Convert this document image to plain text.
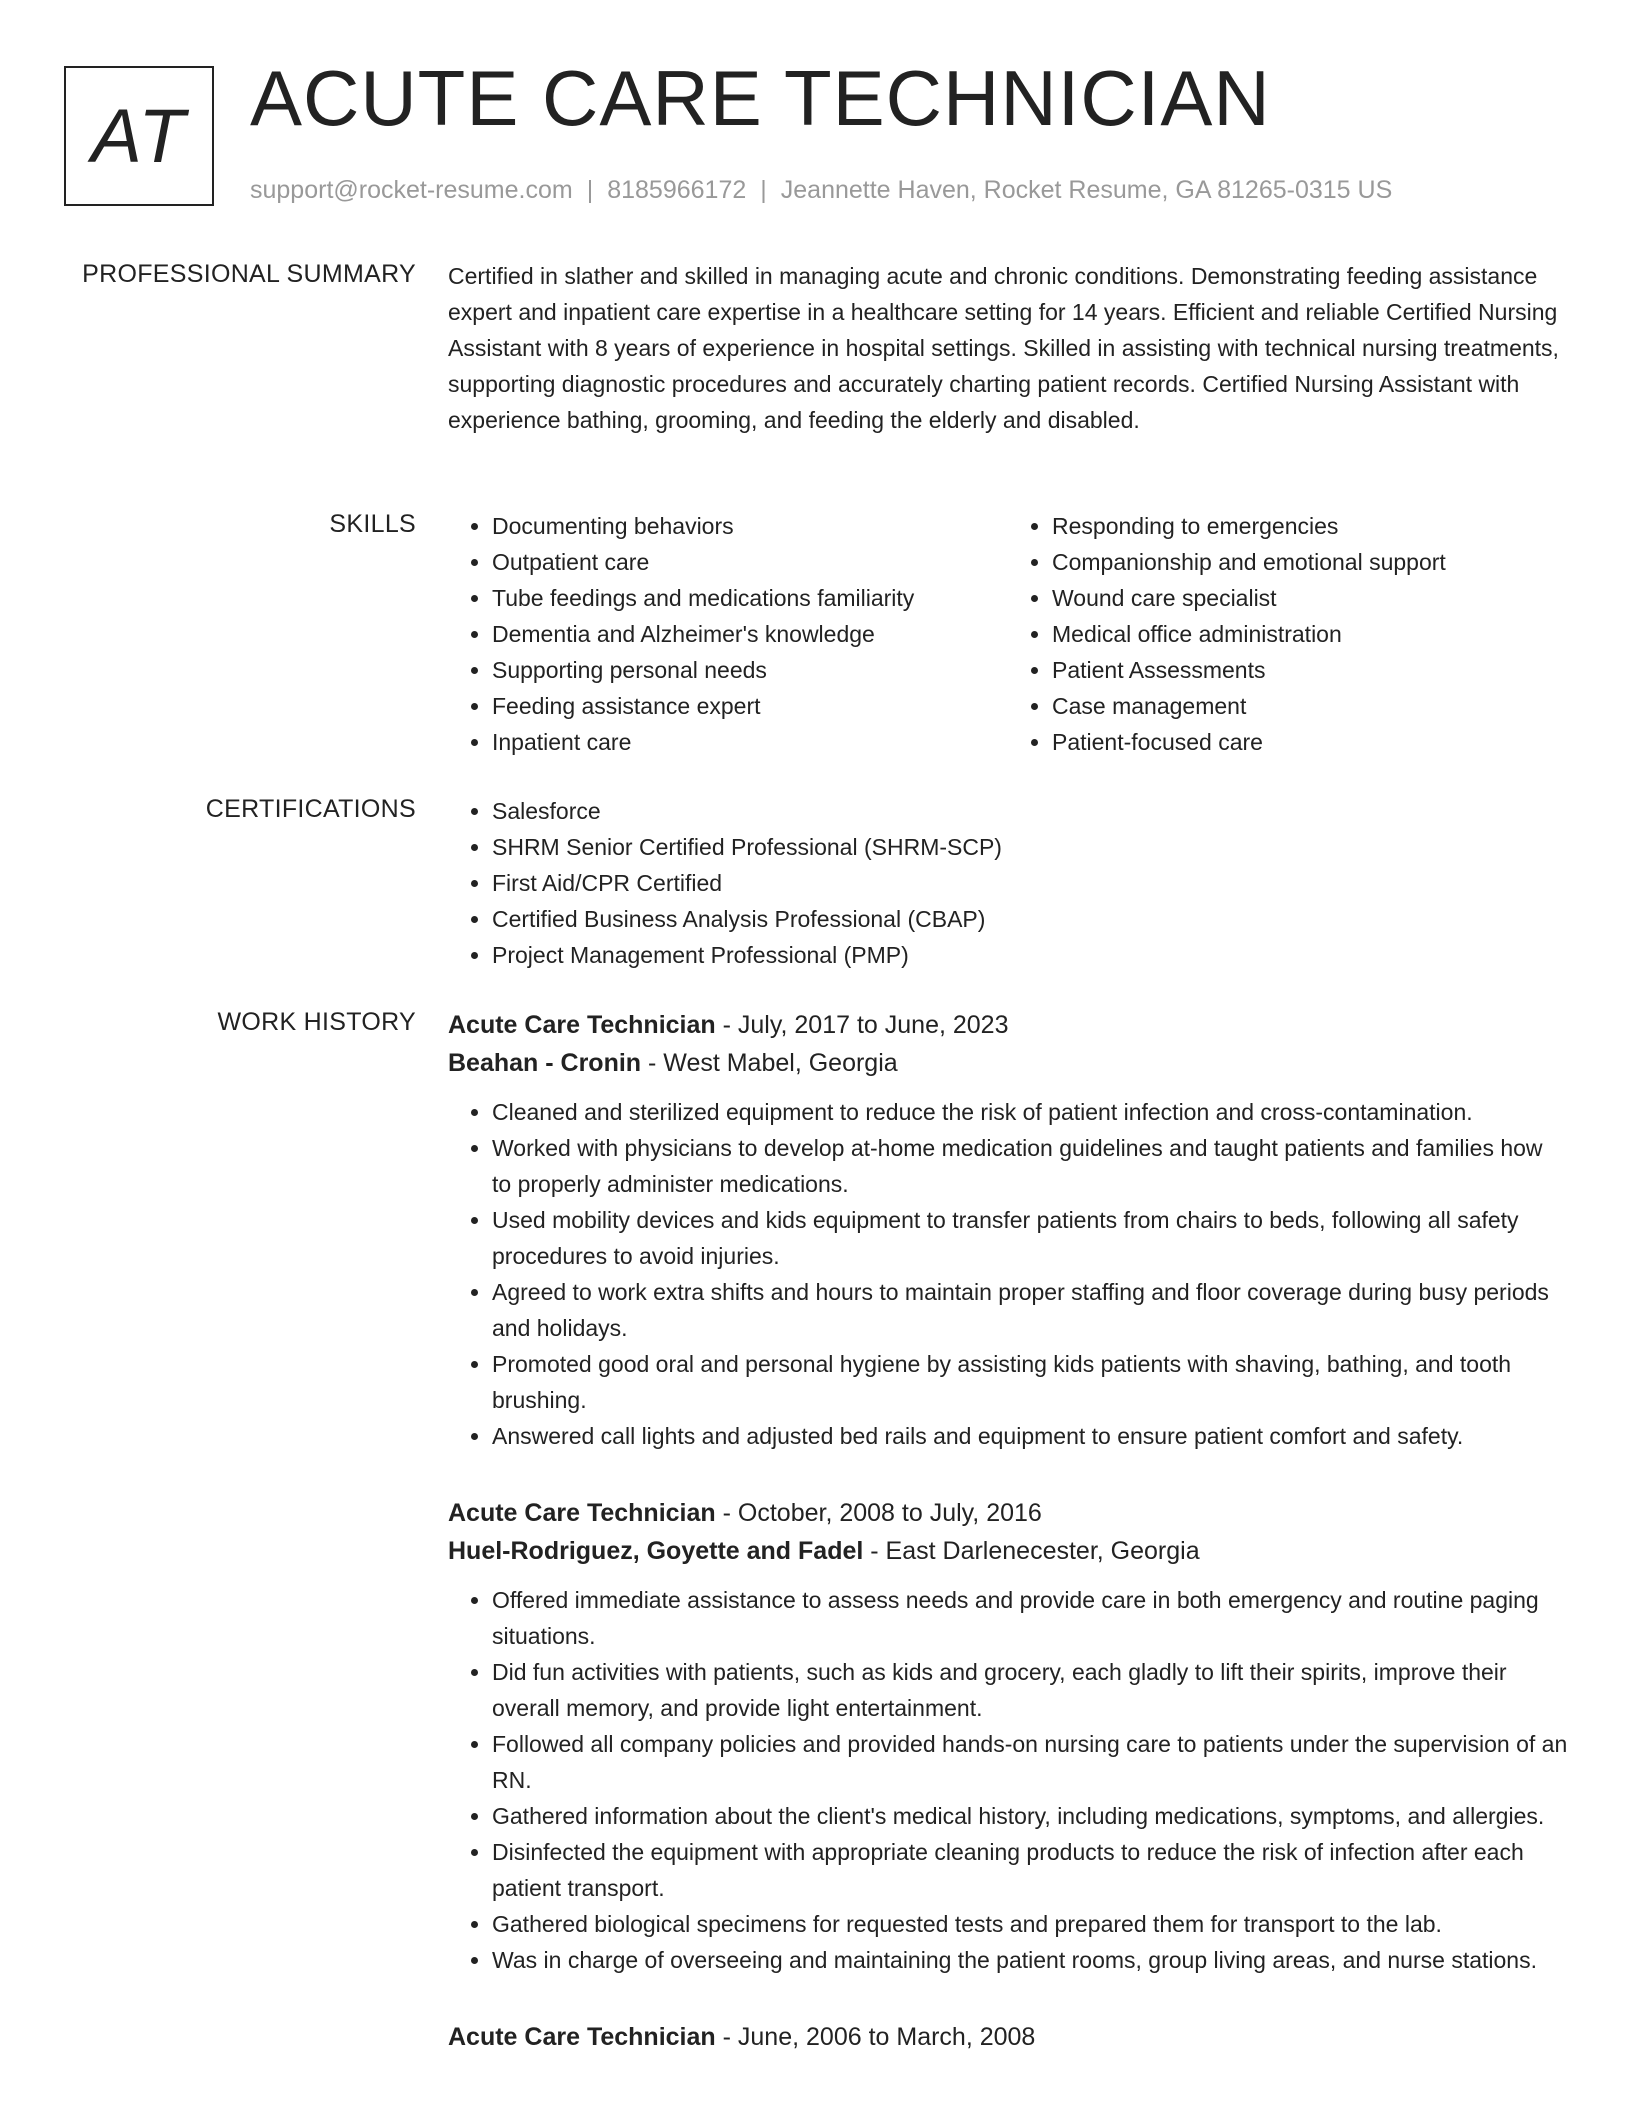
AT ACUTE CARE TECHNICIAN
support@rocket-resume.com | 8185966172 | Jeannette Haven, Rocket Resume, GA 81265-0315 US
PROFESSIONAL SUMMARY Certified in slather and skilled in managing acute and chronic conditions. Demonstrating feeding assistance expert and inpatient care expertise in a healthcare setting for 14 years. Efficient and reliable Certified Nursing Assistant with 8 years of experience in hospital settings. Skilled in assisting with technical nursing treatments, supporting diagnostic procedures and accurately charting patient records. Certified Nursing Assistant with experience bathing, grooming, and feeding the elderly and disabled.
SKILLS	• Documenting behaviors
• Outpatient care
• Tube feedings and medications familiarity
• Dementia and Alzheimer's knowledge
• Supporting personal needs
• Feeding assistance expert
• Inpatient care
• Responding to emergencies
• Companionship and emotional support
• Wound care specialist
• Medical office administration
• Patient Assessments
• Case management
• Patient-focused care
CERTIFICATIONS	• Salesforce
• SHRM Senior Certified Professional (SHRM-SCP)
• First Aid/CPR Certified
• Certified Business Analysis Professional (CBAP)
• Project Management Professional (PMP)
WORK HISTORY Acute Care Technician - July, 2017 to June, 2023
Beahan - Cronin - West Mabel, Georgia
• Cleaned and sterilized equipment to reduce the risk of patient infection and cross-contamination.
• Worked with physicians to develop at-home medication guidelines and taught patients and families how to properly administer medications.
• Used mobility devices and kids equipment to transfer patients from chairs to beds, following all safety procedures to avoid injuries.
• Agreed to work extra shifts and hours to maintain proper staffing and floor coverage during busy periods and holidays.
• Promoted good oral and personal hygiene by assisting kids patients with shaving, bathing, and tooth brushing.
• Answered call lights and adjusted bed rails and equipment to ensure patient comfort and safety.
Acute Care Technician - October, 2008 to July, 2016
Huel-Rodriguez, Goyette and Fadel - East Darlenecester, Georgia
• Offered immediate assistance to assess needs and provide care in both emergency and routine paging situations.
• Did fun activities with patients, such as kids and grocery, each gladly to lift their spirits, improve their overall memory, and provide light entertainment.
• Followed all company policies and provided hands-on nursing care to patients under the supervision of an RN.
• Gathered information about the client's medical history, including medications, symptoms, and allergies.
• Disinfected the equipment with appropriate cleaning products to reduce the risk of infection after each patient transport.
• Gathered biological specimens for requested tests and prepared them for transport to the lab.
• Was in charge of overseeing and maintaining the patient rooms, group living areas, and nurse stations.
Acute Care Technician - June, 2006 to March, 2008
